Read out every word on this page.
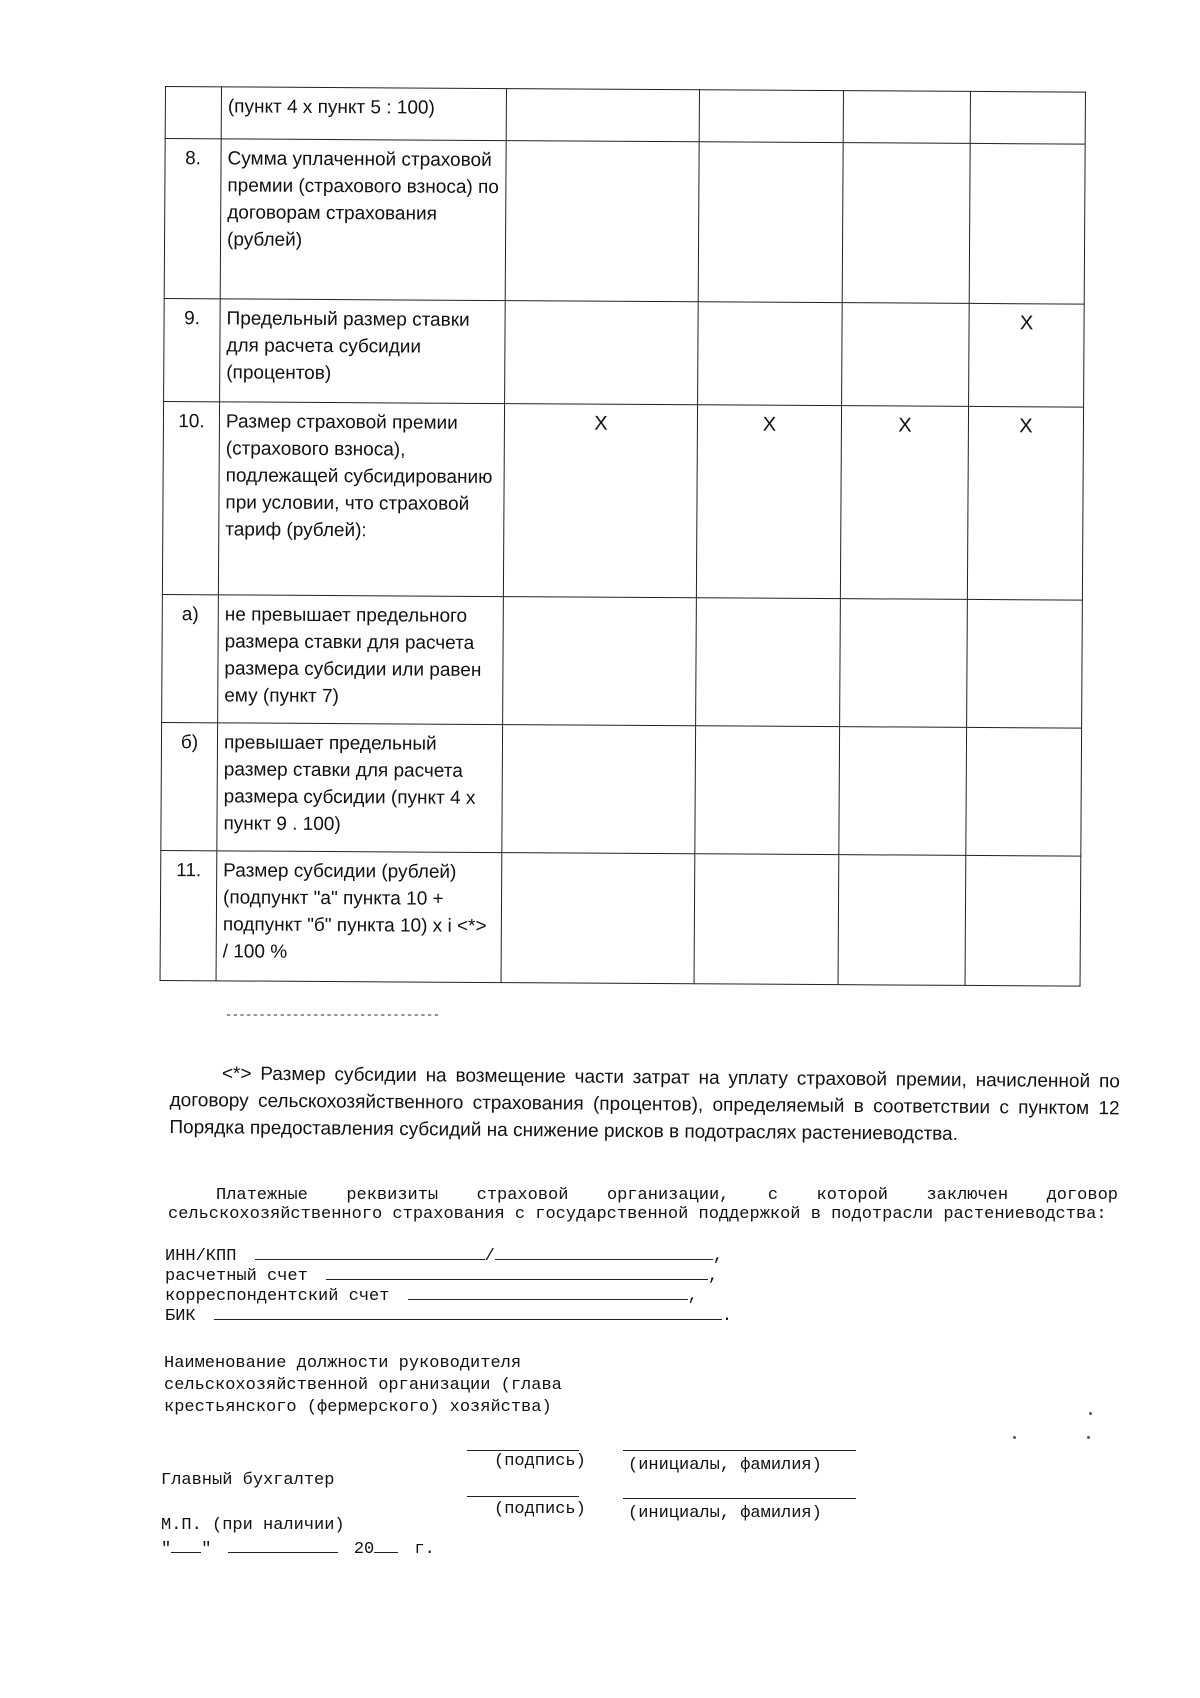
	(пункт 4 х пункт 5 : 100)				
8.	Сумма уплаченной страховой премии (страхового взноса) по договорам страхования (рублей)				
9.	Предельный размер ставки для расчета субсидии (процентов)				X
10.	Размер страховой премии (страхового взноса), подлежащей субсидированию при условии, что страховой тариф (рублей):	X	X	X	X
а)	не превышает предельного размера ставки для расчета размера субсидии или равен ему (пункт 7)				
б)	превышает предельный размер ставки для расчета размера субсидии (пункт 4 х пункт 9 . 100)				
11.	Размер субсидии (рублей) (подпункт "а" пункта 10 + подпункт "б" пункта 10) х i <*> / 100 %				
--------------------------------
<*> Размер субсидии на возмещение части затрат на уплату страховой премии, начисленной по договору сельскохозяйственного страхования (процентов), определяемый в соответствии с пунктом 12 Порядка предоставления субсидий на снижение рисков в подотраслях растениеводства.
Платежные реквизиты страховой организации, с которой заключен договор сельскохозяйственного страхования с государственной поддержкой в подотрасли растениеводства:
ИНН/КПП	/	,
расчетный счет	,
корреспондентский счет	,
БИК	.
Наименование должности руководителя сельскохозяйственной организации (глава крестьянского (фермерского) хозяйства)
(подпись) (инициалы, фамилия)
Главный бухгалтер
(подпись) (инициалы, фамилия)
М.П. (при наличии)
" "	20 г.
